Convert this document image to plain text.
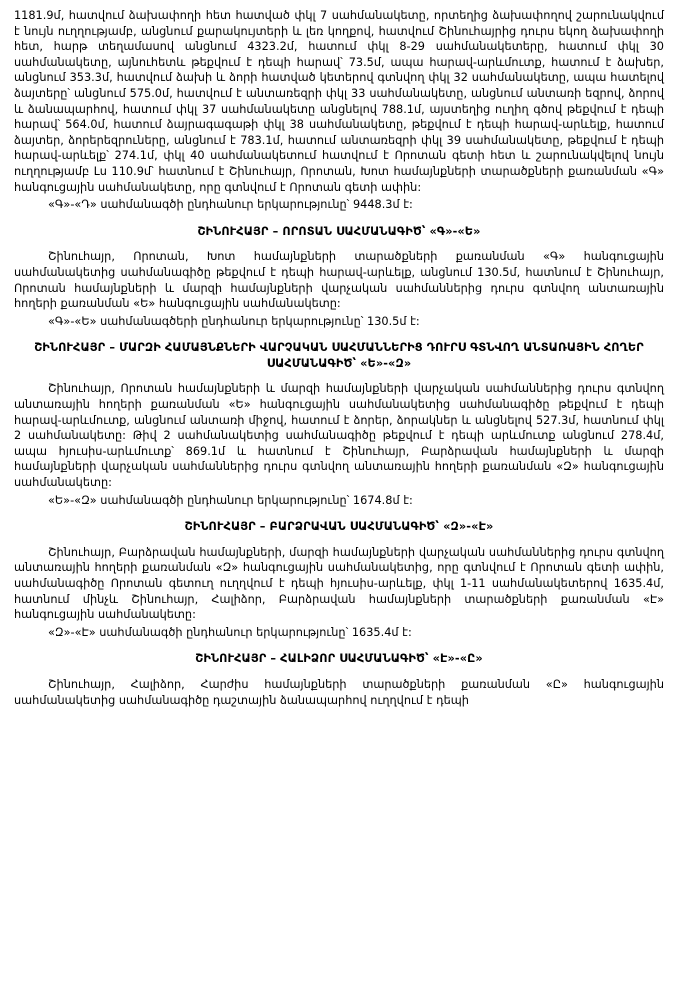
1181.9մ, հատվում ձախափողի հետ հատված փկլ 7 սահմանակետը, որտեղից ձախափողով շարունակվում է նույն ուղղությամբ, անցնում քարակույտերի և լեռ կողքով, հատվում Շինուհայրից դուրս եկող ձախափողի հետ, հարթ տեղամասով անցնում 4323.2մ, հատում փկլ 8-29 սահմանակետերը, հատում փկլ 30 սահմանակետը, այնուհետև թեքվում է դեպի հարավ՝ 73.5մ, ապա հարավ-արևմուտք, հատում է ձախեր, անցնում 353.3մ, հատվում ձախի և ձորի հատված կետերով գտնվող փկլ 32 սահմանակետը, ապա հատելով ձայտերը՝ անցնում 575.0մ, հատվում է անտառեզրի փկլ 33 սահմանակետը, անցնում անտառի եզրով, ձորով և ձանապարհով, հատում փկլ 37 սահմանակետը անցնելով 788.1մ, այստեղից ուղիղ գծով թեքվում է դեպի հարավ՝ 564.0մ, հատում ձայրագագաթի փկլ 38 սահմանակետը, թեքվում է դեպի հարավ-արևելք, հատում ձայտեր, ձորերեզրուները, անցնում է 783.1մ, հատում անտառեզրի փկլ 39 սահմանակետը, թեքվում է դեպի հարավ-արևելք՝ 274.1մ, փկլ 40 սահմանակետում հատվում է Որոտան գետի հետ և շարունակվելով նույն ուղղությամբ Լս 110.9մ՝ հատնում է Շինուհայր, Որոտան, Խոտ համայնքների տարածքների քառանման «Գ» հանգուցային սահմանակետը, որը գտնվում է Որոտան գետի ափին:

«Գ»-«Դ» սահմանագծի ընդհանուր երկարությունը՝ 9448.3մ է:

ՇԻՆՈՒՀԱՅՐ – ՈՐՈՏԱՆ ՍԱՀՄԱՆԱԳԻԾ՝ «Գ»-«Ե»

Շինուհայր, Որոտան, Խոտ համայնքների տարածքների քառանման «Գ» հանգուցային սահմանակետից սահմանագիծը թեքվում է դեպի հարավ-արևելք, անցնում 130.5մ, հատնում է Շինուհայր, Որոտան համայնքների և մարզի համայնքների վարչական սահմաններից դուրս գտնվող անտառային հողերի քառանման «Ե» հանգուցային սահմանակետը:

«Գ»-«Ե» սահմանագծերի ընդհանուր երկարությունը՝ 130.5մ է:

ՇԻՆՈՒՀԱՅՐ – ՄԱՐԶԻ ՀԱՄԱՅՆՔՆԵՐԻ ՎԱՐՉԱԿԱՆ ՍԱՀՄԱՆՆԵՐԻՑ ԴՈՒՐՍ ԳՏՆՎՈՂ ԱՆՏԱՌԱՅԻՆ ՀՈՂԵՐ ՍԱՀՄԱՆԱԳԻԾ՝ «Ե»-«Զ»

Շինուհայր, Որոտան համայնքների և մարզի համայնքների վարչական սահմաններից դուրս գտնվող անտառային հողերի քառանման «Ե» հանգուցային սահմանակետից սահմանագիծը թեքվում է դեպի հարավ-արևմուտք, անցնում անտառի միջով, հատում է ձորեր, ձորակներ և անցնելով 527.3մ, հատնում փկլ 2 սահմանակետը: Թիվ 2 սահմանակետից սահմանագիծը թեքվում է դեպի արևմուտք անցնում 278.4մ, ապա հյուսիս-արևմուտք՝ 869.1մ և հատնում է Շինուհայր, Բարձրավան համայնքների և մարզի համայնքների վարչական սահմաններից դուրս գտնվող անտառային հողերի քառանման «Զ» հանգուցային սահմանակետը:

«Ե»-«Զ» սահմանագծի ընդհանուր երկարությունը՝ 1674.8մ է:

ՇԻՆՈՒՀԱՅՐ – ԲԱՐՁՐԱՎԱՆ ՍԱՀՄԱՆԱԳԻԾ՝ «Զ»-«Է»

Շինուհայր, Բարձրավան համայնքների, մարզի համայնքների վարչական սահմաններից դուրս գտնվող անտառային հողերի քառանման «Զ» հանգուցային սահմանակետից, որը գտնվում է Որոտան գետի ափին, սահմանագիծը Որոտան գետուղ ուղղվում է դեպի հյուսիս-արևելք, փկլ 1-11 սահմանակետերով 1635.4մ, հատնում մինչև Շինուհայր, Հալիձոր, Բարձրավան համայնքների տարածքների քառանման «Է» հանգուցային սահմանակետը:

«Զ»-«Է» սահմանագծի ընդհանուր երկարությունը՝ 1635.4մ է:

ՇԻՆՈՒՀԱՅՐ – ՀԱԼԻՁՈՐ ՍԱՀՄԱՆԱԳԻԾ՝ «Է»-«Ը»

Շինուհայր, Հալիձոր, Հարժիս համայնքների տարածքների քառանման «Ը» հանգուցային սահմանակետից սահմանագիծը դաշտային ձանապարհով ուղղվում է դեպի
